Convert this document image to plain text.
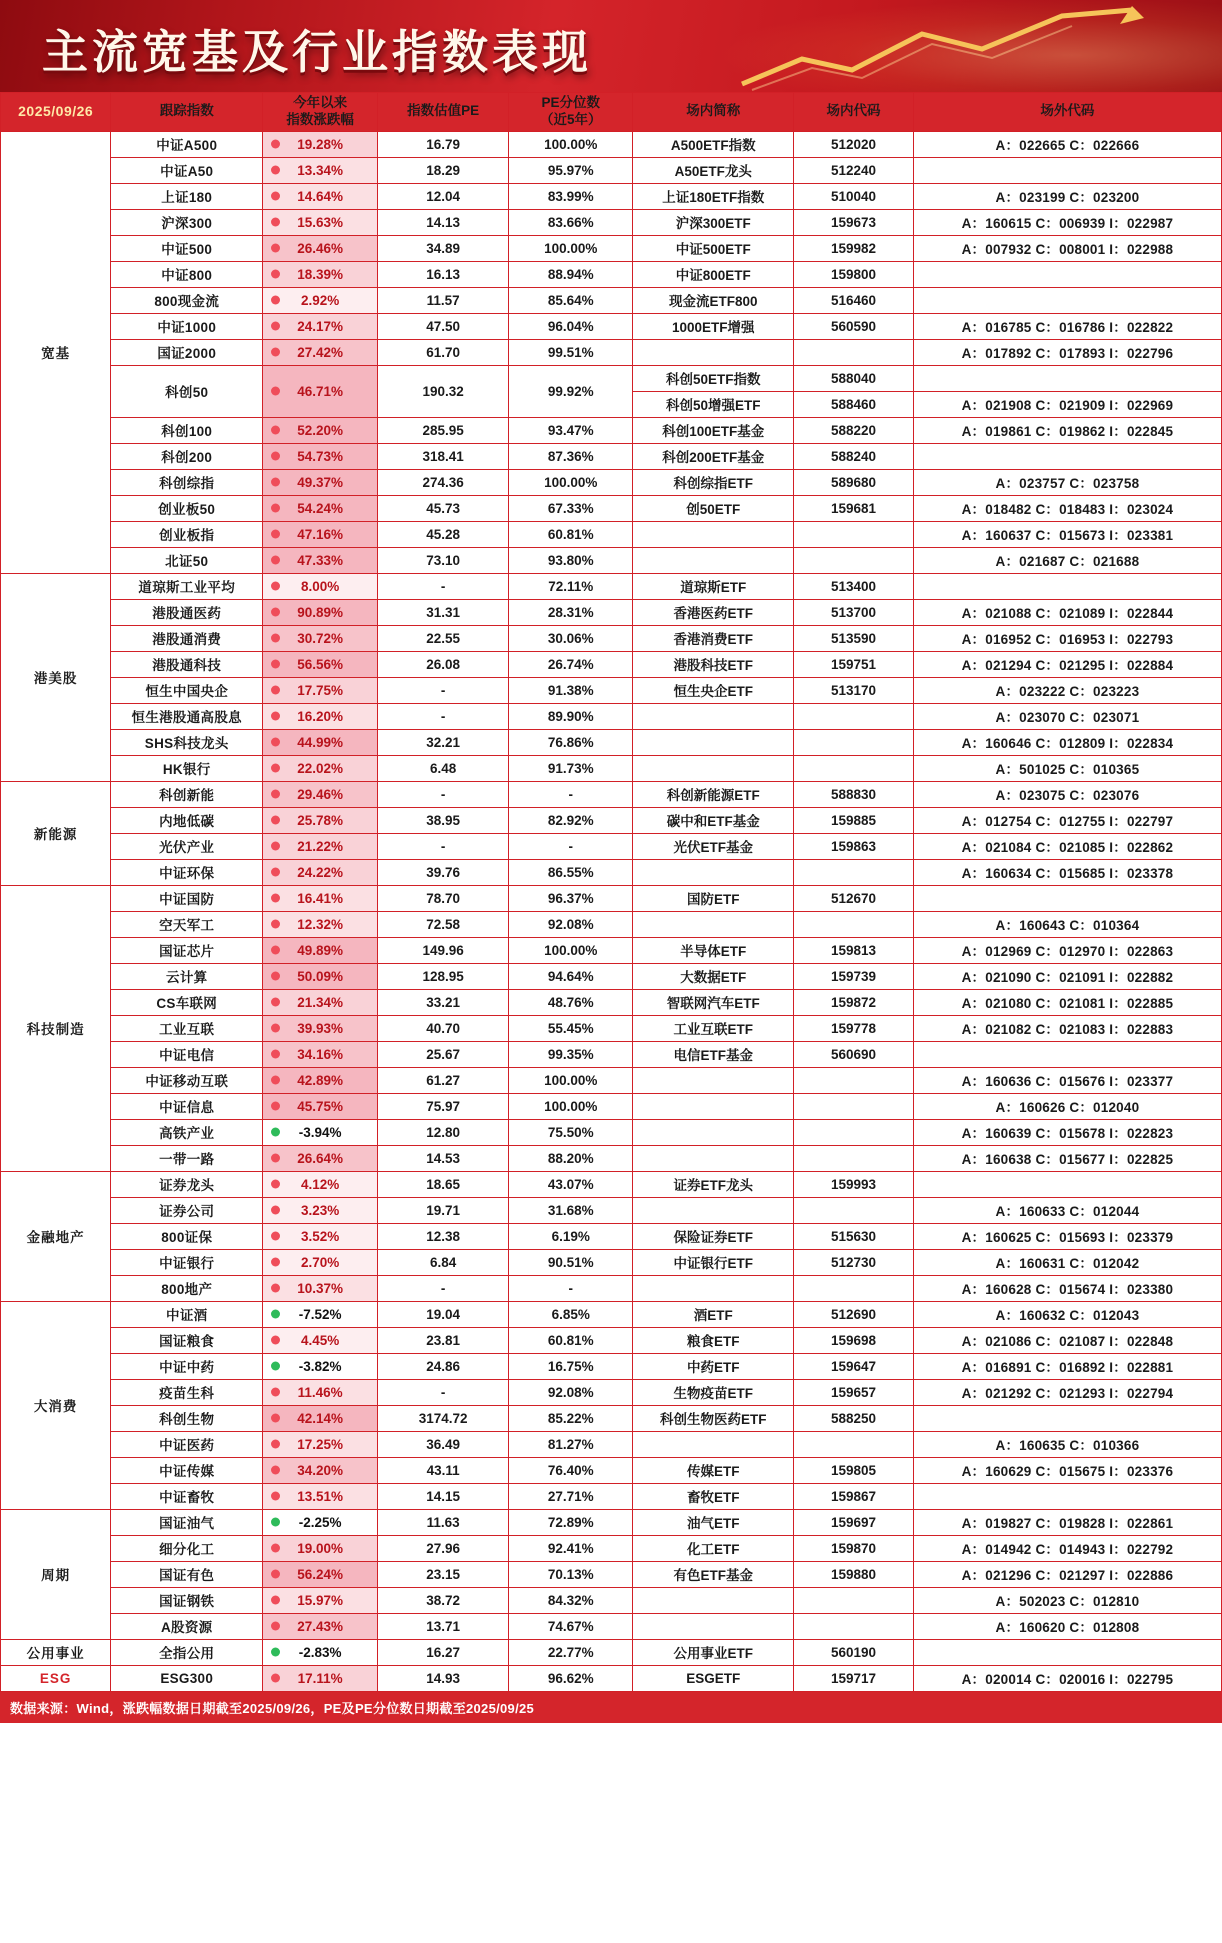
主流宽基及行业指数表现
2025/09/26	跟踪指数	今年以来
指数涨跌幅	指数估值PE	PE分位数
（近5年）	场内简称	场内代码	场外代码
宽基	中证A500	19.28%	16.79	100.00%	A500ETF指数	512020	A：022665 C：022666
	中证A50	13.34%	18.29	95.97%	A50ETF龙头	512240	
	上证180	14.64%	12.04	83.99%	上证180ETF指数	510040	A：023199 C：023200
	沪深300	15.63%	14.13	83.66%	沪深300ETF	159673	A：160615 C：006939 I：022987
	中证500	26.46%	34.89	100.00%	中证500ETF	159982	A：007932 C：008001 I：022988
	中证800	18.39%	16.13	88.94%	中证800ETF	159800	
	800现金流	2.92%	11.57	85.64%	现金流ETF800	516460	
	中证1000	24.17%	47.50	96.04%	1000ETF增强	560590	A：016785 C：016786 I：022822
	国证2000	27.42%	61.70	99.51%			A：017892 C：017893 I：022796
	科创50	46.71%	190.32	99.92%	科创50ETF指数	588040	
					科创50增强ETF	588460	A：021908 C：021909 I：022969
	科创100	52.20%	285.95	93.47%	科创100ETF基金	588220	A：019861 C：019862 I：022845
	科创200	54.73%	318.41	87.36%	科创200ETF基金	588240	
	科创综指	49.37%	274.36	100.00%	科创综指ETF	589680	A：023757 C：023758
	创业板50	54.24%	45.73	67.33%	创50ETF	159681	A：018482 C：018483 I：023024
	创业板指	47.16%	45.28	60.81%			A：160637 C：015673 I：023381
	北证50	47.33%	73.10	93.80%			A：021687 C：021688
港美股	道琼斯工业平均	8.00%	-	72.11%	道琼斯ETF	513400	
	港股通医药	90.89%	31.31	28.31%	香港医药ETF	513700	A：021088 C：021089 I：022844
	港股通消费	30.72%	22.55	30.06%	香港消费ETF	513590	A：016952 C：016953 I：022793
	港股通科技	56.56%	26.08	26.74%	港股科技ETF	159751	A：021294 C：021295 I：022884
	恒生中国央企	17.75%	-	91.38%	恒生央企ETF	513170	A：023222 C：023223
	恒生港股通高股息	16.20%	-	89.90%			A：023070 C：023071
	SHS科技龙头	44.99%	32.21	76.86%			A：160646 C：012809 I：022834
	HK银行	22.02%	6.48	91.73%			A：501025 C：010365
新能源	科创新能	29.46%	-	-	科创新能源ETF	588830	A：023075 C：023076
	内地低碳	25.78%	38.95	82.92%	碳中和ETF基金	159885	A：012754 C：012755 I：022797
	光伏产业	21.22%	-	-	光伏ETF基金	159863	A：021084 C：021085 I：022862
	中证环保	24.22%	39.76	86.55%			A：160634 C：015685 I：023378
科技制造	中证国防	16.41%	78.70	96.37%	国防ETF	512670	
	空天军工	12.32%	72.58	92.08%			A：160643 C：010364
	国证芯片	49.89%	149.96	100.00%	半导体ETF	159813	A：012969 C：012970 I：022863
	云计算	50.09%	128.95	94.64%	大数据ETF	159739	A：021090 C：021091 I：022882
	CS车联网	21.34%	33.21	48.76%	智联网汽车ETF	159872	A：021080 C：021081 I：022885
	工业互联	39.93%	40.70	55.45%	工业互联ETF	159778	A：021082 C：021083 I：022883
	中证电信	34.16%	25.67	99.35%	电信ETF基金	560690	
	中证移动互联	42.89%	61.27	100.00%			A：160636 C：015676 I：023377
	中证信息	45.75%	75.97	100.00%			A：160626 C：012040
	高铁产业	-3.94%	12.80	75.50%			A：160639 C：015678 I：022823
	一带一路	26.64%	14.53	88.20%			A：160638 C：015677 I：022825
金融地产	证券龙头	4.12%	18.65	43.07%	证券ETF龙头	159993	
	证券公司	3.23%	19.71	31.68%			A：160633 C：012044
	800证保	3.52%	12.38	6.19%	保险证券ETF	515630	A：160625 C：015693 I：023379
	中证银行	2.70%	6.84	90.51%	中证银行ETF	512730	A：160631 C：012042
	800地产	10.37%	-	-			A：160628 C：015674 I：023380
大消费	中证酒	-7.52%	19.04	6.85%	酒ETF	512690	A：160632 C：012043
	国证粮食	4.45%	23.81	60.81%	粮食ETF	159698	A：021086 C：021087 I：022848
	中证中药	-3.82%	24.86	16.75%	中药ETF	159647	A：016891 C：016892 I：022881
	疫苗生科	11.46%	-	92.08%	生物疫苗ETF	159657	A：021292 C：021293 I：022794
	科创生物	42.14%	3174.72	85.22%	科创生物医药ETF	588250	
	中证医药	17.25%	36.49	81.27%			A：160635 C：010366
	中证传媒	34.20%	43.11	76.40%	传媒ETF	159805	A：160629 C：015675 I：023376
	中证畜牧	13.51%	14.15	27.71%	畜牧ETF	159867	
周期	国证油气	-2.25%	11.63	72.89%	油气ETF	159697	A：019827 C：019828 I：022861
	细分化工	19.00%	27.96	92.41%	化工ETF	159870	A：014942 C：014943 I：022792
	国证有色	56.24%	23.15	70.13%	有色ETF基金	159880	A：021296 C：021297 I：022886
	国证钢铁	15.97%	38.72	84.32%			A：502023 C：012810
	A股资源	27.43%	13.71	74.67%			A：160620 C：012808
公用事业	全指公用	-2.83%	16.27	22.77%	公用事业ETF	560190	
ESG	ESG300	17.11%	14.93	96.62%	ESGETF	159717	A：020014 C：020016 I：022795
数据来源：Wind，涨跌幅数据日期截至2025/09/26，PE及PE分位数日期截至2025/09/25
